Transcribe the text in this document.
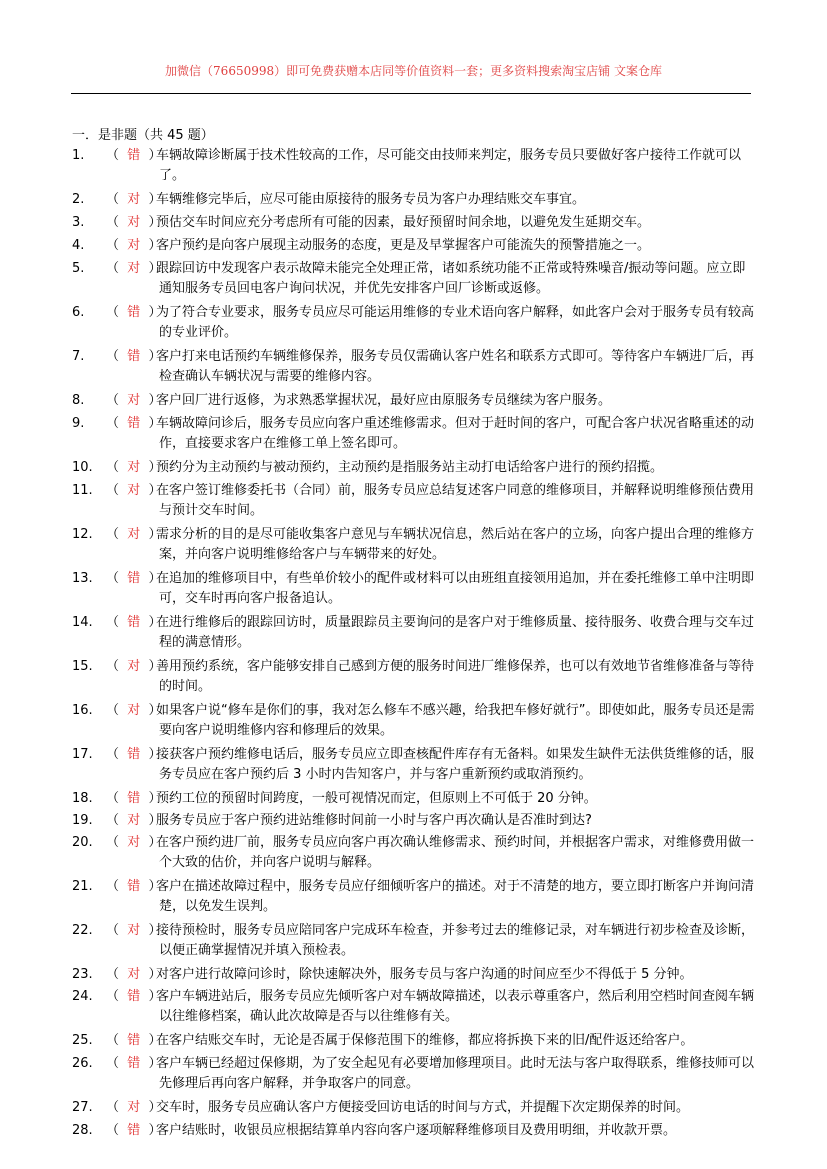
加微信（76650998）即可免费获赠本店同等价值资料一套；更多资料搜索淘宝店铺 文案仓库
一．是非题（共 45 题）
1.	（  错  ）
车辆故障诊断属于技术性较高的工作，尽可能交由技师来判定，服务专员只要做好客户接待工作就可以了。
2.	（  对  ）
车辆维修完毕后，应尽可能由原接待的服务专员为客户办理结账交车事宜。
3.	（  对  ）
预估交车时间应充分考虑所有可能的因素，最好预留时间余地，以避免发生延期交车。
4.	（  对  ）
客户预约是向客户展现主动服务的态度，更是及早掌握客户可能流失的预警措施之一。
5.	（  对  ）
跟踪回访中发现客户表示故障未能完全处理正常，诸如系统功能不正常或特殊噪音/振动等问题。应立即通知服务专员回电客户询问状况，并优先安排客户回厂诊断或返修。
6.	（  错  ）
为了符合专业要求，服务专员应尽可能运用维修的专业术语向客户解释，如此客户会对于服务专员有较高的专业评价。
7.	（  错  ）
客户打来电话预约车辆维修保养，服务专员仅需确认客户姓名和联系方式即可。等待客户车辆进厂后，再检查确认车辆状况与需要的维修内容。
8.	（  对  ）
客户回厂进行返修，为求熟悉掌握状况，最好应由原服务专员继续为客户服务。
9.	（  错  ）
车辆故障问诊后，服务专员应向客户重述维修需求。但对于赶时间的客户，可配合客户状况省略重述的动作，直接要求客户在维修工单上签名即可。
10.	（  对  ）
预约分为主动预约与被动预约，主动预约是指服务站主动打电话给客户进行的预约招揽。
11.	（  对  ）
在客户签订维修委托书（合同）前，服务专员应总结复述客户同意的维修项目，并解释说明维修预估费用与预计交车时间。
12.	（  对  ）
需求分析的目的是尽可能收集客户意见与车辆状况信息，然后站在客户的立场，向客户提出合理的维修方案，并向客户说明维修给客户与车辆带来的好处。
13.	（  错  ）
在追加的维修项目中，有些单价较小的配件或材料可以由班组直接领用追加，并在委托维修工单中注明即可，交车时再向客户报备追认。
14.	（  错  ）
在进行维修后的跟踪回访时，质量跟踪员主要询问的是客户对于维修质量、接待服务、收费合理与交车过程的满意情形。
15.	（  对  ）
善用预约系统，客户能够安排自己感到方便的服务时间进厂维修保养，也可以有效地节省维修准备与等待的时间。
16.	（  对  ）
如果客户说“修车是你们的事，我对怎么修车不感兴趣，给我把车修好就行”。即使如此，服务专员还是需要向客户说明维修内容和修理后的效果。
17.	（  错  ）
接获客户预约维修电话后，服务专员应立即查核配件库存有无备料。如果发生缺件无法供货维修的话，服务专员应在客户预约后 3 小时内告知客户，并与客户重新预约或取消预约。
18.	（  错  ）
预约工位的预留时间跨度，一般可视情况而定，但原则上不可低于 20 分钟。
19.	（  对  ）
服务专员应于客户预约进站维修时间前一小时与客户再次确认是否准时到达?
20.	（  对  ）
在客户预约进厂前，服务专员应向客户再次确认维修需求、预约时间，并根据客户需求，对维修费用做一个大致的估价，并向客户说明与解释。
21.	（  错  ）
客户在描述故障过程中，服务专员应仔细倾听客户的描述。对于不清楚的地方，要立即打断客户并询问清楚，以免发生误判。
22.	（  对  ）
接待预检时，服务专员应陪同客户完成环车检查，并参考过去的维修记录，对车辆进行初步检查及诊断，以便正确掌握情况并填入预检表。
23.	（  对  ）
对客户进行故障问诊时，除快速解决外，服务专员与客户沟通的时间应至少不得低于 5 分钟。
24.	（  错  ）
客户车辆进站后，服务专员应先倾听客户对车辆故障描述，以表示尊重客户，然后利用空档时间查阅车辆以往维修档案，确认此次故障是否与以往维修有关。
25.	（  错  ）
在客户结账交车时，无论是否属于保修范围下的维修，都应将拆换下来的旧/配件返还给客户。
26.	（  错  ）
客户车辆已经超过保修期，为了安全起见有必要增加修理项目。此时无法与客户取得联系，维修技师可以先修理后再向客户解释，并争取客户的同意。
27.	（  对  ）
交车时，服务专员应确认客户方便接受回访电话的时间与方式，并提醒下次定期保养的时间。
28.	（  错  ）
客户结账时，收银员应根据结算单内容向客户逐项解释维修项目及费用明细，并收款开票。
